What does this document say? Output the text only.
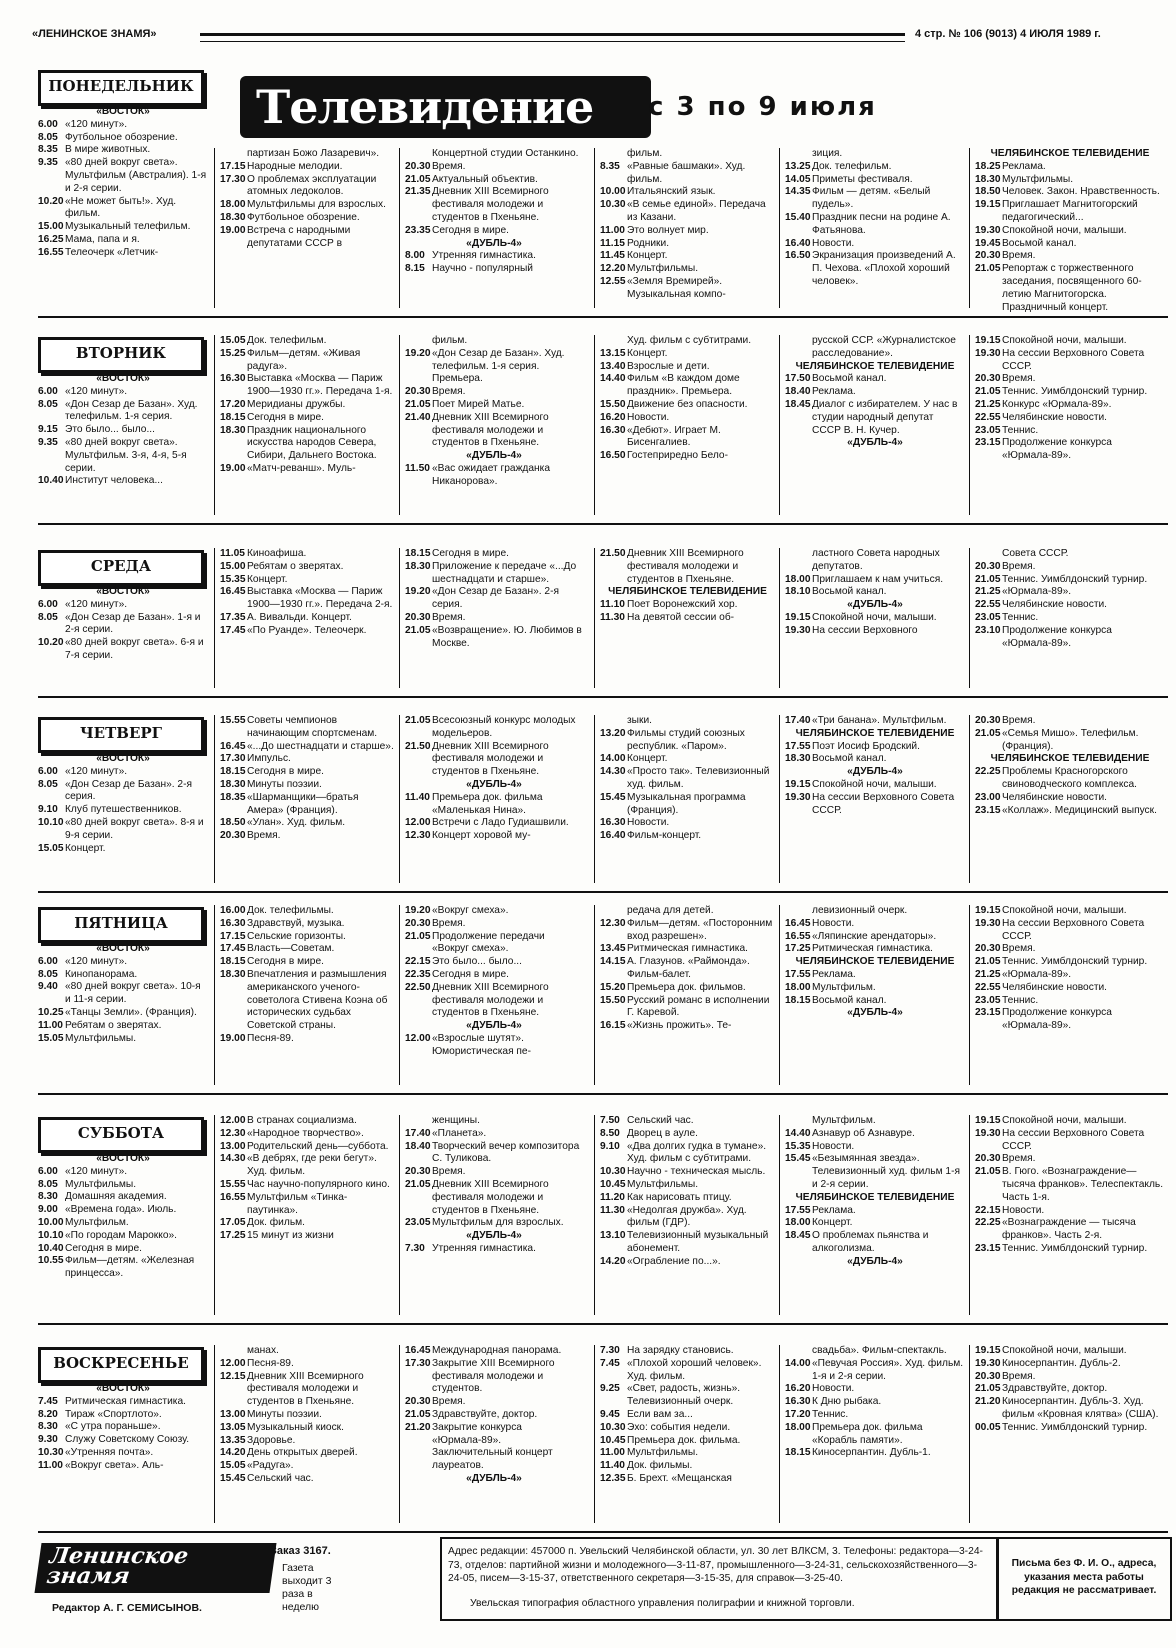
«ЛЕНИНСКОЕ ЗНАМЯ»	4 стр. № 106 (9013) 4 ИЮЛЯ 1989 г.
Телевидение	с 3 по 9 июля
ПОНЕДЕЛЬНИК
«ВОСТОК»
6.00 «120 минут».
8.05 Футбольное обозрение.
8.35 В мире животных.
9.35 «80 дней вокруг света». Мультфильм (Австралия). 1-я и 2-я серии.
10.20 «Не может быть!». Худ. фильм.
15.00 Музыкальный телефильм.
16.25 Мама, папа и я.
16.55 Телеочерк «Летчик-
партизан Божо Лазаревич».
17.15 Народные мелодии.
17.30 О проблемах эксплуатации атомных ледоколов.
18.00 Мультфильмы для взрослых.
18.30 Футбольное обозрение.
19.00 Встреча с народными депутатами СССР в
Концертной студии Останкино.
20.30 Время.
21.05 Актуальный объектив.
21.35 Дневник XIII Всемирного фестиваля молодежи и студентов в Пхеньяне.
23.35 Сегодня в мире.
«ДУБЛЬ-4»
8.00 Утренняя гимнастика.
8.15 Научно - популярный
фильм.
8.35 «Равные башмаки». Худ. фильм.
10.00 Итальянский язык.
10.30 «В семье единой». Передача из Казани.
11.00 Это волнует мир.
11.15 Родники.
11.45 Концерт.
12.20 Мультфильмы.
12.55 «Земля Времирей». Музыкальная компо-
зиция.
13.25 Док. телефильм.
14.05 Приметы фестиваля.
14.35 Фильм — детям. «Белый пудель».
15.40 Праздник песни на родине А. Фатьянова.
16.40 Новости.
16.50 Экранизация произведений А. П. Чехова. «Плохой хороший человек».
ЧЕЛЯБИНСКОЕ ТЕЛЕВИДЕНИЕ
18.25 Реклама.
18.30 Мультфильмы.
18.50 Человек. Закон. Нравственность.
19.15 Приглашает Магнитогорский педагогический...
19.30 Спокойной ночи, малыши.
19.45 Восьмой канал.
20.30 Время.
21.05 Репортаж с торжественного заседания, посвященного 60-летию Магнитогорска. Праздничный концерт.
ВТОРНИК
«ВОСТОК»
6.00 «120 минут».
8.05 «Дон Сезар де Базан». Худ. телефильм. 1-я серия.
9.15 Это было... было...
9.35 «80 дней вокруг света». Мультфильм. 3-я, 4-я, 5-я серии.
10.40 Институт человека...
15.05 Док. телефильм.
15.25 Фильм—детям. «Живая радуга».
16.30 Выставка «Москва — Париж 1900—1930 гг.». Передача 1-я.
17.20 Меридианы дружбы.
18.15 Сегодня в мире.
18.30 Праздник национального искусства народов Севера, Сибири, Дальнего Востока.
19.00 «Матч-реванш». Муль-
фильм.
19.20 «Дон Сезар де Базан». Худ. телефильм. 1-я серия. Премьера.
20.30 Время.
21.05 Поет Мирей Матье.
21.40 Дневник XIII Всемирного фестиваля молодежи и студентов в Пхеньяне.
«ДУБЛЬ-4»
11.50 «Вас ожидает гражданка Никанорова».
Худ. фильм с субтитрами.
13.15 Концерт.
13.40 Взрослые и дети.
14.40 Фильм «В каждом доме праздник». Премьера.
15.50 Движение без опасности.
16.20 Новости.
16.30 «Дебют». Играет М. Бисенгалиев.
16.50 Гостеприредно Бело-
русской ССР. «Журналистское расследование».
ЧЕЛЯБИНСКОЕ ТЕЛЕВИДЕНИЕ
17.50 Восьмой канал.
18.40 Реклама.
18.45 Диалог с избирателем. У нас в студии народный депутат СССР В. Н. Кучер.
«ДУБЛЬ-4»
19.15 Спокойной ночи, малыши.
19.30 На сессии Верховного Совета СССР.
20.30 Время.
21.05 Теннис. Уимблдонский турнир.
21.25 Конкурс «Юрмала-89».
22.55 Челябинские новости.
23.05 Теннис.
23.15 Продолжение конкурса «Юрмала-89».
СРЕДА
«ВОСТОК»
6.00 «120 минут».
8.05 «Дон Сезар де Базан». 1-я и 2-я серии.
10.20 «80 дней вокруг света». 6-я и 7-я серии.
11.05 Киноафиша.
15.00 Ребятам о зверятах.
15.35 Концерт.
16.45 Выставка «Москва — Париж 1900—1930 гг.». Передача 2-я.
17.35 А. Вивальди. Концерт.
17.45 «По Руанде». Телеочерк.
18.15 Сегодня в мире.
18.30 Приложение к передаче «...До шестнадцати и старше».
19.20 «Дон Сезар де Базан». 2-я серия.
20.30 Время.
21.05 «Возвращение». Ю. Любимов в Москве.
21.50 Дневник XIII Всемирного фестиваля молодежи и студентов в Пхеньяне.
ЧЕЛЯБИНСКОЕ ТЕЛЕВИДЕНИЕ
11.10 Поет Воронежский хор.
11.30 На девятой сессии об-
ластного Совета народных депутатов.
18.00 Приглашаем к нам учиться.
18.10 Восьмой канал.
«ДУБЛЬ-4»
19.15 Спокойной ночи, малыши.
19.30 На сессии Верховного
Совета СССР.
20.30 Время.
21.05 Теннис. Уимблдонский турнир.
21.25 «Юрмала-89».
22.55 Челябинские новости.
23.05 Теннис.
23.10 Продолжение конкурса «Юрмала-89».
ЧЕТВЕРГ
«ВОСТОК»
6.00 «120 минут».
8.05 «Дон Сезар де Базан». 2-я серия.
9.10 Клуб путешественников.
10.10 «80 дней вокруг света». 8-я и 9-я серии.
15.05 Концерт.
15.55 Советы чемпионов начинающим спортсменам.
16.45 «...До шестнадцати и старше».
17.30 Импульс.
18.15 Сегодня в мире.
18.30 Минуты поэзии.
18.35 «Шарманщики—братья Амера» (Франция).
18.50 «Улан». Худ. фильм.
20.30 Время.
21.05 Всесоюзный конкурс молодых модельеров.
21.50 Дневник XIII Всемирного фестиваля молодежи и студентов в Пхеньяне.
«ДУБЛЬ-4»
11.40 Премьера док. фильма «Маленькая Нина».
12.00 Встречи с Ладо Гудиашвили.
12.30 Концерт хоровой му-
зыки.
13.20 Фильмы студий союзных республик. «Паром».
14.00 Концерт.
14.30 «Просто так». Телевизионный худ. фильм.
15.45 Музыкальная программа (Франция).
16.30 Новости.
16.40 Фильм-концерт.
17.40 «Три банана». Мультфильм.
ЧЕЛЯБИНСКОЕ ТЕЛЕВИДЕНИЕ
17.55 Поэт Иосиф Бродский.
18.30 Восьмой канал.
«ДУБЛЬ-4»
19.15 Спокойной ночи, малыши.
19.30 На сессии Верховного Совета СССР.
20.30 Время.
21.05 «Семья Мишо». Телефильм. (Франция).
ЧЕЛЯБИНСКОЕ ТЕЛЕВИДЕНИЕ
22.25 Проблемы Красногорского свиноводческого комплекса.
23.00 Челябинские новости.
23.15 «Коллаж». Медицинский выпуск.
ПЯТНИЦА
«ВОСТОК»
6.00 «120 минут».
8.05 Кинопанорама.
9.40 «80 дней вокруг света». 10-я и 11-я серии.
10.25 «Танцы Земли». (Франция).
11.00 Ребятам о зверятах.
15.05 Мультфильмы.
16.00 Док. телефильмы.
16.30 Здравствуй, музыка.
17.15 Сельские горизонты.
17.45 Власть—Советам.
18.15 Сегодня в мире.
18.30 Впечатления и размышления американского ученого-советолога Стивена Коэна об исторических судьбах Советской страны.
19.00 Песня-89.
19.20 «Вокруг смеха».
20.30 Время.
21.05 Продолжение передачи «Вокруг смеха».
22.15 Это было... было...
22.35 Сегодня в мире.
22.50 Дневник XIII Всемирного фестиваля молодежи и студентов в Пхеньяне.
«ДУБЛЬ-4»
12.00 «Взрослые шутят». Юмористическая пе-
редача для детей.
12.30 Фильм—детям. «Посторонним вход разрешен».
13.45 Ритмическая гимнастика.
14.15 А. Глазунов. «Раймонда». Фильм-балет.
15.20 Премьера док. фильмов.
15.50 Русский романс в исполнении Г. Каревой.
16.15 «Жизнь прожить». Те-
левизионный очерк.
16.45 Новости.
16.55 «Ляпинские арендаторы».
17.25 Ритмическая гимнастика.
ЧЕЛЯБИНСКОЕ ТЕЛЕВИДЕНИЕ
17.55 Реклама.
18.00 Мультфильм.
18.15 Восьмой канал.
«ДУБЛЬ-4»
19.15 Спокойной ночи, малыши.
19.30 На сессии Верховного Совета СССР.
20.30 Время.
21.05 Теннис. Уимблдонский турнир.
21.25 «Юрмала-89».
22.55 Челябинские новости.
23.05 Теннис.
23.15 Продолжение конкурса «Юрмала-89».
СУББОТА
«ВОСТОК»
6.00 «120 минут».
8.05 Мультфильмы.
8.30 Домашняя академия.
9.00 «Времена года». Июль.
10.00 Мультфильм.
10.10 «По городам Марокко».
10.40 Сегодня в мире.
10.55 Фильм—детям. «Железная принцесса».
12.00 В странах социализма.
12.30 «Народное творчество».
13.00 Родительский день—суббота.
14.30 «В дебрях, где реки бегут». Худ. фильм.
15.55 Час научно-популярного кино.
16.55 Мультфильм «Тинка-паутинка».
17.05 Док. фильм.
17.25 15 минут из жизни
женщины.
17.40 «Планета».
18.40 Творческий вечер композитора С. Туликова.
20.30 Время.
21.05 Дневник XIII Всемирного фестиваля молодежи и студентов в Пхеньяне.
23.05 Мультфильм для взрослых.
«ДУБЛЬ-4»
7.30 Утренняя гимнастика.
7.50 Сельский час.
8.50 Дворец в ауле.
9.10 «Два долгих гудка в тумане». Худ. фильм с субтитрами.
10.30 Научно - техническая мысль.
10.45 Мультфильмы.
11.20 Как нарисовать птицу.
11.30 «Недолгая дружба». Худ. фильм (ГДР).
13.10 Телевизионный музыкальный абонемент.
14.20 «Ограбление по...».
Мультфильм.
14.40 Азнавур об Азнавуре.
15.35 Новости.
15.45 «Безымянная звезда». Телевизионный худ. фильм 1-я и 2-я серии.
ЧЕЛЯБИНСКОЕ ТЕЛЕВИДЕНИЕ
17.55 Реклама.
18.00 Концерт.
18.45 О проблемах пьянства и алкоголизма.
«ДУБЛЬ-4»
19.15 Спокойной ночи, малыши.
19.30 На сессии Верховного Совета СССР.
20.30 Время.
21.05 В. Гюго. «Вознаграждение—тысяча франков». Телеспектакль. Часть 1-я.
22.15 Новости.
22.25 «Вознаграждение — тысяча франков». Часть 2-я.
23.15 Теннис. Уимблдонский турнир.
ВОСКРЕСЕНЬЕ
«ВОСТОК»
7.45 Ритмическая гимнастика.
8.20 Тираж «Спортлото».
8.30 «С утра пораньше».
9.30 Служу Советскому Союзу.
10.30 «Утренняя почта».
11.00 «Вокруг света». Аль-
манах.
12.00 Песня-89.
12.15 Дневник XIII Всемирного фестиваля молодежи и студентов в Пхеньяне.
13.00 Минуты поэзии.
13.05 Музыкальный киоск.
13.35 Здоровье.
14.20 День открытых дверей.
15.05 «Радуга».
15.45 Сельский час.
16.45 Международная панорама.
17.30 Закрытие XIII Всемирного фестиваля молодежи и студентов.
20.30 Время.
21.05 Здравствуйте, доктор.
21.20 Закрытие конкурса «Юрмала-89». Заключительный концерт лауреатов.
«ДУБЛЬ-4»
7.30 На зарядку становись.
7.45 «Плохой хороший человек». Худ. фильм.
9.25 «Свет, радость, жизнь». Телевизионный очерк.
9.45 Если вам за...
10.30 Эхо: события недели.
10.45 Премьера док. фильма.
11.00 Мультфильмы.
11.40 Док. фильмы.
12.35 Б. Брехт. «Мещанская
свадьба». Фильм-спектакль.
14.00 «Певучая Россия». Худ. фильм. 1-я и 2-я серии.
16.20 Новости.
16.30 К Дню рыбака.
17.20 Теннис.
18.00 Премьера док. фильма «Корабль памяти».
18.15 Киносерпантин. Дубль-1.
19.15 Спокойной ночи, малыши.
19.30 Киносерпантин. Дубль-2.
20.30 Время.
21.05 Здравствуйте, доктор.
21.20 Киносерпантин. Дубль-3. Худ. фильм «Кровная клятва» (США).
00.05 Теннис. Уимблдонский турнир.
Ленинское знамя
Редактор А. Г. СЕМИСЫНОВ.
Заказ 3167.
Газета выходит 3 раза в неделю
Адрес редакции: 457000 п. Увельский Челябинской области, ул. 30 лет ВЛКСМ, 3. Телефоны: редактора—3-24-73, отделов: партийной жизни и молодежного—3-11-87, промышленного—3-24-31, сельскохозяйственного—3-24-05, писем—3-15-37, ответственного секретаря—3-15-35, для справок—3-25-40.
Увельская типография областного управления полиграфии и книжной торговли.
Письма без Ф. И. О., адреса, указания места работы редакция не рассматривает.
